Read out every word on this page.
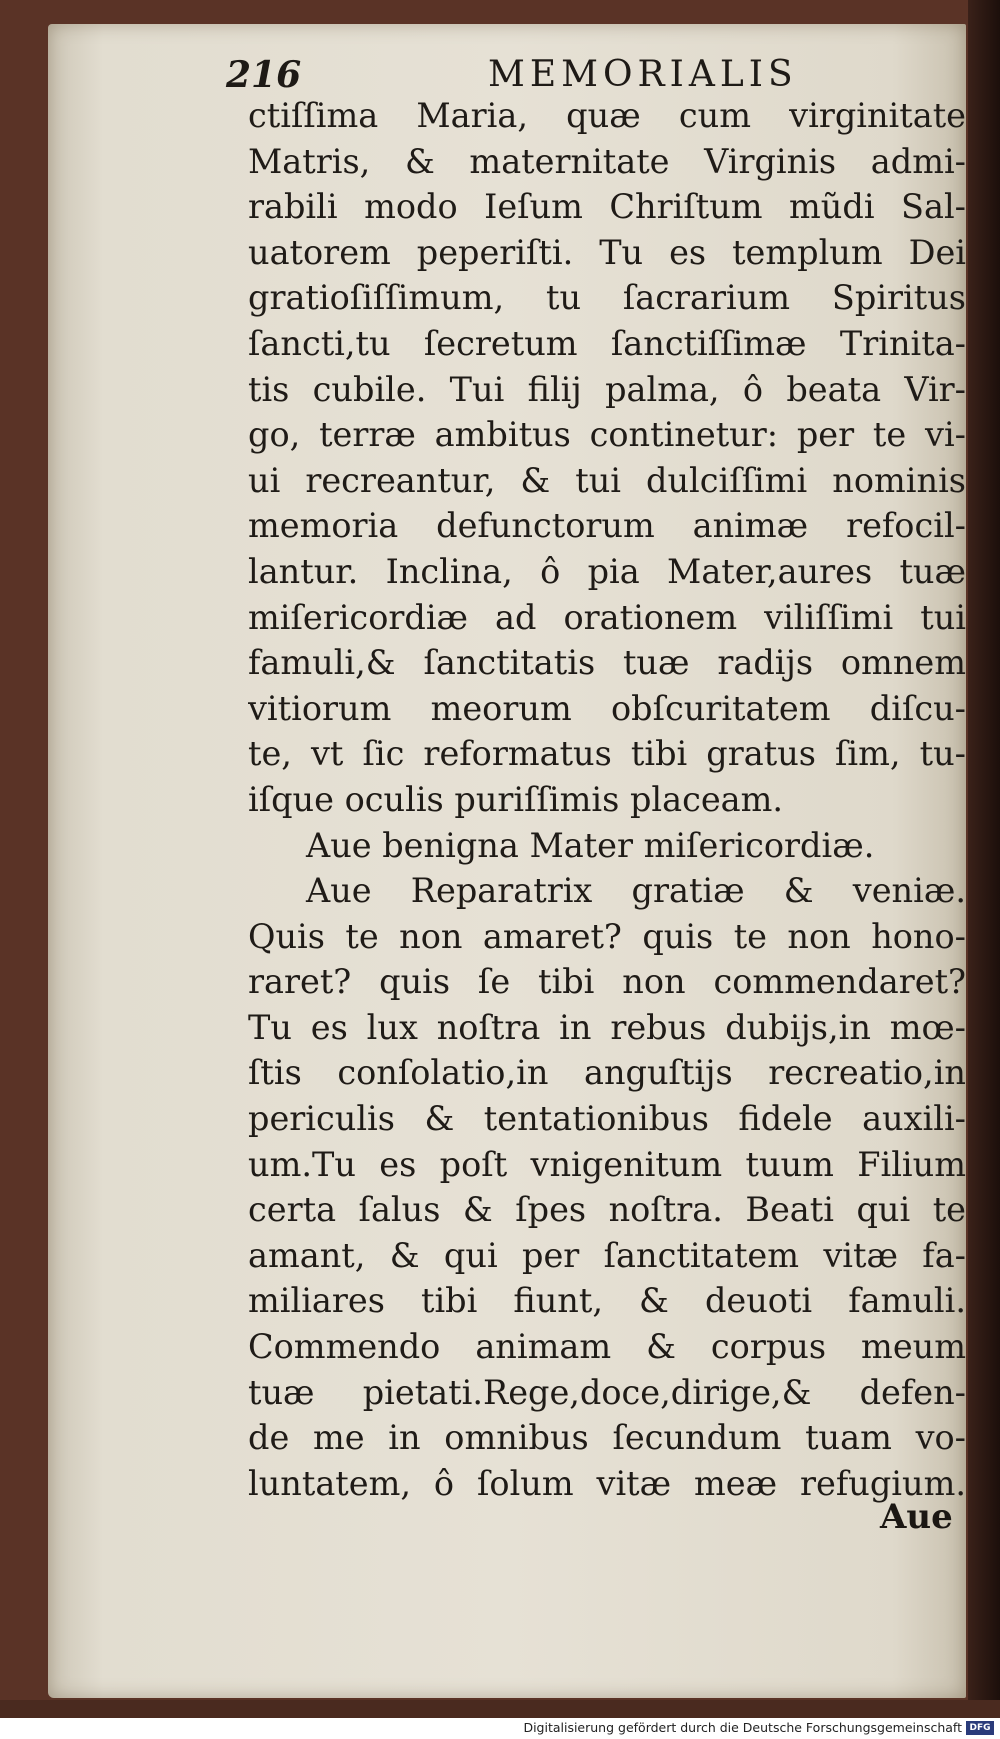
216	MEMORIALIS
ctiſſima Maria, quæ cum virginitate
Matris, & maternitate Virginis admi-
rabili modo Ieſum Chriſtum mũdi Sal-
uatorem peperiſti. Tu es templum Dei
gratioſiſſimum, tu ſacrarium Spiritus
ſancti,tu ſecretum ſanctiſſimæ Trinita-
tis cubile. Tui filij palma, ô beata Vir-
go, terræ ambitus continetur: per te vi-
ui recreantur, & tui dulciſſimi nominis
memoria defunctorum animæ refocil-
lantur. Inclina, ô pia Mater,aures tuæ
miſericordiæ ad orationem viliſſimi tui
famuli,& ſanctitatis tuæ radijs omnem
vitiorum meorum obſcuritatem diſcu-
te, vt ſic reformatus tibi gratus ſim, tu-
iſque oculis puriſſimis placeam.
Aue benigna Mater miſericordiæ.
Aue Reparatrix gratiæ & veniæ.
Quis te non amaret? quis te non hono-
raret? quis ſe tibi non commendaret?
Tu es lux noſtra in rebus dubijs,in mœ-
ſtis conſolatio,in anguſtijs recreatio,in
periculis & tentationibus fidele auxili-
um.Tu es poſt vnigenitum tuum Filium
certa ſalus & ſpes noſtra. Beati qui te
amant, & qui per ſanctitatem vitæ fa-
miliares tibi fiunt, & deuoti famuli.
Commendo animam & corpus meum
tuæ pietati.Rege,doce,dirige,& defen-
de me in omnibus ſecundum tuam vo-
luntatem, ô ſolum vitæ meæ refugium.
Aue
Digitalisierung gefördert durch die Deutsche Forschungsgemeinschaft DFG
